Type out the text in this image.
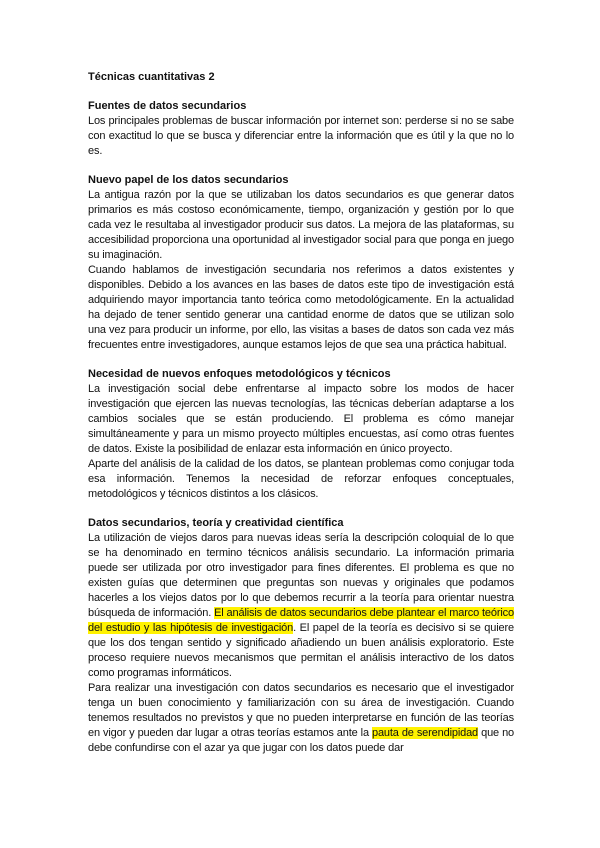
Técnicas cuantitativas 2
Fuentes de datos secundarios

Los principales problemas de buscar información por internet son: perderse si no se sabe con exactitud lo que se busca y diferenciar entre la información que es útil y la que no lo es.

Nuevo papel de los datos secundarios

La antigua razón por la que se utilizaban los datos secundarios es que generar datos primarios es más costoso económicamente, tiempo, organización y gestión por lo que cada vez le resultaba al investigador producir sus datos. La mejora de las plataformas, su accesibilidad proporciona una oportunidad al investigador social para que ponga en juego su imaginación.

Cuando hablamos de investigación secundaria nos referimos a datos existentes y disponibles. Debido a los avances en las bases de datos este tipo de investigación está adquiriendo mayor importancia tanto teórica como metodológicamente. En la actualidad ha dejado de tener sentido generar una cantidad enorme de datos que se utilizan solo una vez para producir un informe, por ello, las visitas a bases de datos son cada vez más frecuentes entre investigadores, aunque estamos lejos de que sea una práctica habitual.

Necesidad de nuevos enfoques metodológicos y técnicos

La investigación social debe enfrentarse al impacto sobre los modos de hacer investigación que ejercen las nuevas tecnologías, las técnicas deberían adaptarse a los cambios sociales que se están produciendo. El problema es cómo manejar simultáneamente y para un mismo proyecto múltiples encuestas, así como otras fuentes de datos. Existe la posibilidad de enlazar esta información en único proyecto.

Aparte del análisis de la calidad de los datos, se plantean problemas como conjugar toda esa información. Tenemos la necesidad de reforzar enfoques conceptuales, metodológicos y técnicos distintos a los clásicos.

Datos secundarios, teoría y creatividad científica

La utilización de viejos daros para nuevas ideas sería la descripción coloquial de lo que se ha denominado en termino técnicos análisis secundario. La información primaria puede ser utilizada por otro investigador para fines diferentes. El problema es que no existen guías que determinen que preguntas son nuevas y originales que podamos hacerles a los viejos datos por lo que debemos recurrir a la teoría para orientar nuestra búsqueda de información. El análisis de datos secundarios debe plantear el marco teórico del estudio y las hipótesis de investigación. El papel de la teoría es decisivo si se quiere que los dos tengan sentido y significado añadiendo un buen análisis exploratorio. Este proceso requiere nuevos mecanismos que permitan el análisis interactivo de los datos como programas informáticos.

Para realizar una investigación con datos secundarios es necesario que el investigador tenga un buen conocimiento y familiarización con su área de investigación. Cuando tenemos resultados no previstos y que no pueden interpretarse en función de las teorías en vigor y pueden dar lugar a otras teorías estamos ante la pauta de serendipidad que no debe confundirse con el azar ya que jugar con los datos puede dar
